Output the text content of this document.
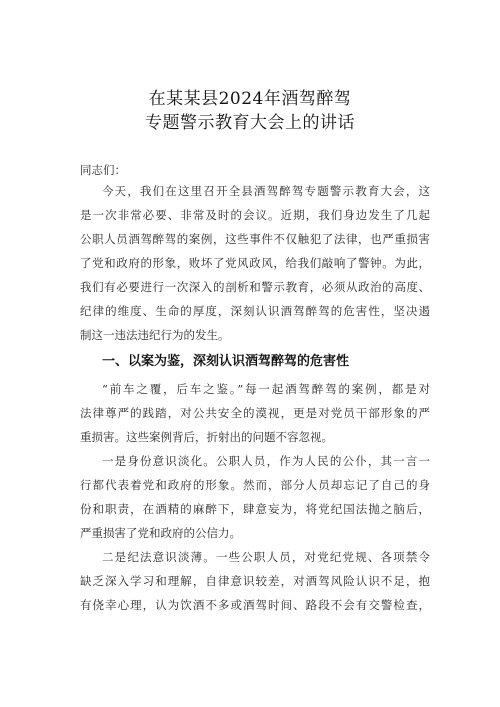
在某某县2024年酒驾醉驾
专题警示教育大会上的讲话
同志们：
今天，我们在这里召开全县酒驾醉驾专题警示教育大会，这
是一次非常必要、非常及时的会议。近期，我们身边发生了几起
公职人员酒驾醉驾的案例，这些事件不仅触犯了法律，也严重损害
了党和政府的形象，败坏了党风政风，给我们敲响了警钟。为此，
我们有必要进行一次深入的剖析和警示教育，必须从政治的高度、
纪律的维度、生命的厚度，深刻认识酒驾醉驾的危害性，坚决遏
制这一违法违纪行为的发生。
一、以案为鉴，深刻认识酒驾醉驾的危害性
“前车之覆，后车之鉴。”每一起酒驾醉驾的案例，都是对
法律尊严的践踏，对公共安全的漠视，更是对党员干部形象的严
重损害。这些案例背后，折射出的问题不容忽视。
一是身份意识淡化。公职人员，作为人民的公仆，其一言一
行都代表着党和政府的形象。然而，部分人员却忘记了自己的身
份和职责，在酒精的麻醉下，肆意妄为，将党纪国法抛之脑后，
严重损害了党和政府的公信力。
二是纪法意识淡薄。一些公职人员，对党纪党规、各项禁令
缺乏深入学习和理解，自律意识较差，对酒驾风险认识不足，抱
有侥幸心理，认为饮酒不多或酒驾时间、路段不会有交警检查，
